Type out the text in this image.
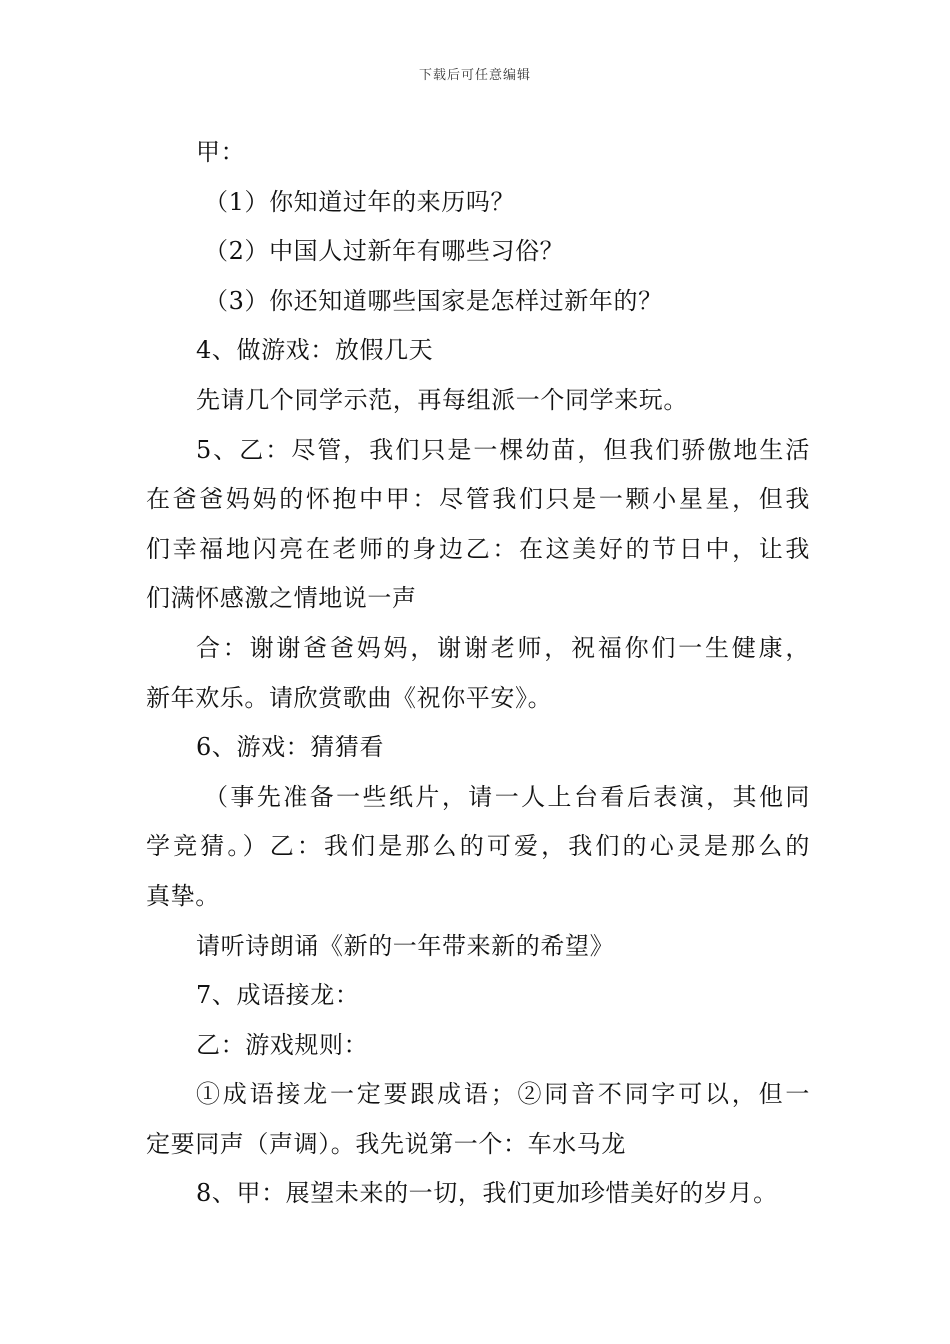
下载后可任意编辑
甲：
（1）你知道过年的来历吗？
（2）中国人过新年有哪些习俗？
（3）你还知道哪些国家是怎样过新年的？
4、做游戏：放假几天
先请几个同学示范，再每组派一个同学来玩。
5、乙：尽管，我们只是一棵幼苗，但我们骄傲地生活
在爸爸妈妈的怀抱中甲：尽管我们只是一颗小星星，但我
们幸福地闪亮在老师的身边乙：在这美好的节日中，让我
们满怀感激之情地说一声
合：谢谢爸爸妈妈，谢谢老师，祝福你们一生健康，
新年欢乐。请欣赏歌曲《祝你平安》。
6、游戏：猜猜看
（事先准备一些纸片，请一人上台看后表演，其他同
学竞猜。）乙：我们是那么的可爱，我们的心灵是那么的
真挚。
请听诗朗诵《新的一年带来新的希望》
7、成语接龙：
乙：游戏规则：
①成语接龙一定要跟成语；②同音不同字可以，但一
定要同声（声调）。我先说第一个：车水马龙
8、甲：展望未来的一切，我们更加珍惜美好的岁月。
